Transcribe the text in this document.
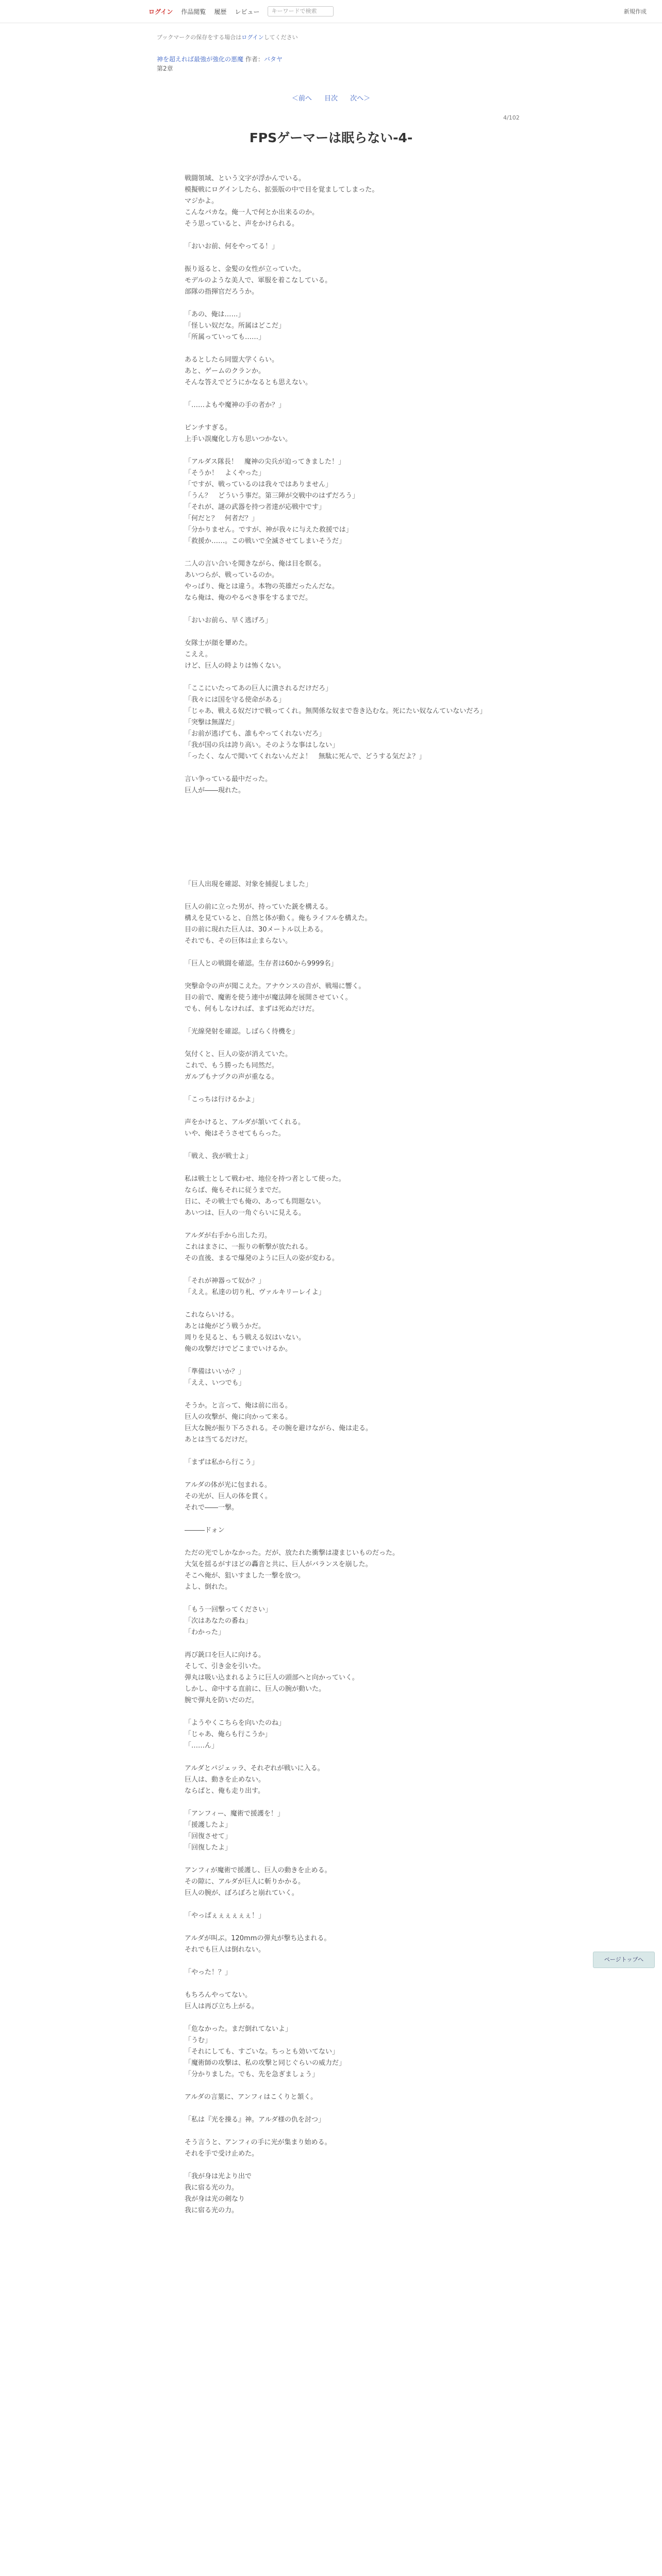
ログイン 作品閲覧 履歴 レビュー	キーワードで検索	新規作成
ブックマークの保存をする場合はログインしてください
神を超えれば最強が強化の悪魔 作者：バタヤ
第2章
＜前へ 目次 次へ＞
4/102
FPSゲーマーは眠らない-4-

戦闘領域、という文字が浮かんでいる。

模擬戦にログインしたら、拡張版の中で目を覚ましてしまった。

マジかよ。

こんなバカな。俺一人で何とか出来るのか。

そう思っていると、声をかけられる。

「おいお前、何をやってる！」

振り返ると、金髪の女性が立っていた。

モデルのような美人で、軍服を着こなしている。

部隊の指揮官だろうか。

「あの、俺は……」

「怪しい奴だな。所属はどこだ」

「所属っていっても……」

あるとしたら同盟大学くらい。

あと、ゲームのクランか。

そんな答えでどうにかなるとも思えない。

「……よもや魔神の手の者か？」

ピンチすぎる。

上手い誤魔化し方も思いつかない。

「アルダス隊長！　魔神の尖兵が迫ってきました！」

「そうか！　よくやった」

「ですが、戦っているのは我々ではありません」

「うん？　どういう事だ。第三陣が交戦中のはずだろう」

「それが、謎の武器を持つ者達が応戦中です」

「何だと？　何者だ？」

「分かりません。ですが、神が我々に与えた救援では」

「救援か……。この戦いで全滅させてしまいそうだ」

二人の言い合いを聞きながら、俺は目を瞑る。

あいつらが、戦っているのか。

やっぱり、俺とは違う。本物の英雄だったんだな。

なら俺は、俺のやるべき事をするまでだ。

「おいお前ら、早く逃げろ」

女隊士が顔を顰めた。

こええ。

けど、巨人の時よりは怖くない。

「ここにいたってあの巨人に潰されるだけだろ」

「我々には国を守る使命がある」

「じゃあ、戦える奴だけで戦ってくれ。無関係な奴まで巻き込むな。死にたい奴なんていないだろ」

「突撃は無謀だ」

「お前が逃げても、誰もやってくれないだろ」

「我が国の兵は誇り高い。そのような事はしない」

「ったく、なんで聞いてくれないんだよ！　無駄に死んで、どうする気だよ？」

言い争っている最中だった。

巨人が――現れた。

「巨人出現を確認、対象を捕捉しました」

巨人の前に立った男が、持っていた銃を構える。

構えを見ていると、自然と体が動く。俺もライフルを構えた。

目の前に現れた巨人は、30メートル以上ある。

それでも、その巨体は止まらない。

「巨人との戦闘を確認。生存者は60から9999名」

突撃命令の声が聞こえた。アナウンスの音が、戦場に響く。

目の前で、魔術を使う連中が魔法陣を展開させていく。

でも、何もしなければ、まずは死ぬだけだ。

「光線発射を確認。しばらく待機を」

気付くと、巨人の姿が消えていた。

これで、もう勝ったも同然だ。

ガルブもナヅクの声が重なる。

「こっちは行けるかよ」

声をかけると、アルダが頷いてくれる。

いや、俺はそうさせてもらった。

「戦え、我が戦士よ」

私は戦士として戦わせ、地位を持つ者として使った。

ならば、俺もそれに従うまでだ。

日に、その戦士でも俺の、あっても問題ない。

あいつは、巨人の一角ぐらいに見える。

アルダが右手から出した刃。

これはまさに、一振りの斬撃が放たれる。

その直後、まるで爆発のように巨人の姿が変わる。

「それが神器って奴か？」

「ええ。私達の切り札、ヴァルキリーレイよ」

これならいける。

あとは俺がどう戦うかだ。

周りを見ると、もう戦える奴はいない。

俺の攻撃だけでどこまでいけるか。

「準備はいいか？」

「ええ、いつでも」

そうか。と言って、俺は前に出る。

巨人の攻撃が、俺に向かって来る。

巨大な腕が振り下ろされる。その腕を避けながら、俺は走る。

あとは当てるだけだ。

「まずは私から行こう」

アルダの体が光に包まれる。

その光が、巨人の体を貫く。

それで――一撃。

―――ドォン

ただの光でしかなかった。だが、放たれた衝撃は凄まじいものだった。

大気を揺るがすほどの轟音と共に、巨人がバランスを崩した。

そこへ俺が、狙いすました一撃を放つ。

よし、倒れた。

「もう一回撃ってください」

「次はあなたの番ね」

「わかった」

再び銃口を巨人に向ける。

そして、引き金を引いた。

弾丸は吸い込まれるように巨人の頭部へと向かっていく。

しかし、命中する直前に、巨人の腕が動いた。

腕で弾丸を防いだのだ。

「ようやくこちらを向いたのね」

「じゃあ、俺らも行こうか」

「……ん」

アルダとパジェッラ、それぞれが戦いに入る。

巨人は、動きを止めない。

ならばと、俺も走り出す。

「アンフィー、魔術で援護を！」

「援護したよ」

「回復させて」

「回復したよ」

アンフィが魔術で援護し、巨人の動きを止める。

その隙に、アルダが巨人に斬りかかる。

巨人の腕が、ぼろぼろと崩れていく。

「やっぱぇぇぇぇぇぇ！」

アルダが叫ぶ。120mmの弾丸が撃ち込まれる。

それでも巨人は倒れない。

「やった！？」

もちろんやってない。

巨人は再び立ち上がる。

「危なかった。まだ倒れてないよ」

「うむ」

「それにしても、すごいな。ちっとも効いてない」

「魔術師の攻撃は、私の攻撃と同じぐらいの威力だ」

「分かりました。でも、先を急ぎましょう」

アルダの言葉に、アンフィはこくりと頷く。

「私は『光を操る』神。アルダ様の仇を討つ」

そう言うと、アンフィの手に光が集まり始める。

それを手で受け止めた。

「我が身は光より出で

我に宿る光の力。

我が身は光の剣なり

我に宿る光の力。

ページトップへ
